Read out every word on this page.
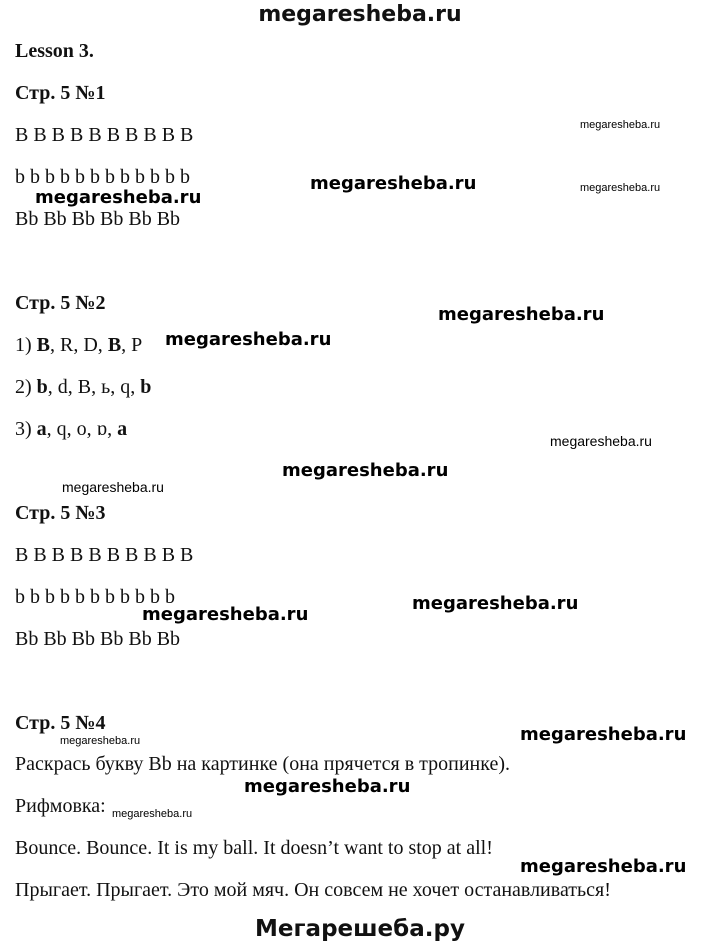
megaresheba.ru
Lesson 3.
Стр. 5 №1
B B B B B B B B B B
b b b b b b b b b b b b
Bb Bb Bb Bb Bb Bb
Стр. 5 №2
1) B, R, D, B, P
2) b, d, B, ь, q, b
3) a, q, o, ɒ, a
Стр. 5 №3
B B B B B B B B B B
b b b b b b b b b b b
Bb Bb Bb Bb Bb Bb
Стр. 5 №4
Раскрась букву Bb на картинке (она прячется в тропинке).
Рифмовка:
Bounce. Bounce. It is my ball. It doesn’t want to stop at all!
Прыгает. Прыгает. Это мой мяч. Он совсем не хочет останавливаться!
megaresheba.ru
megaresheba.ru	megaresheba.ru
megaresheba.ru
megaresheba.ru
megaresheba.ru
megaresheba.ru
megaresheba.ru
megaresheba.ru
megaresheba.ru
megaresheba.ru
megaresheba.ru
megaresheba.ru
megaresheba.ru
megaresheba.ru
megaresheba.ru
Мегарешеба.ру
